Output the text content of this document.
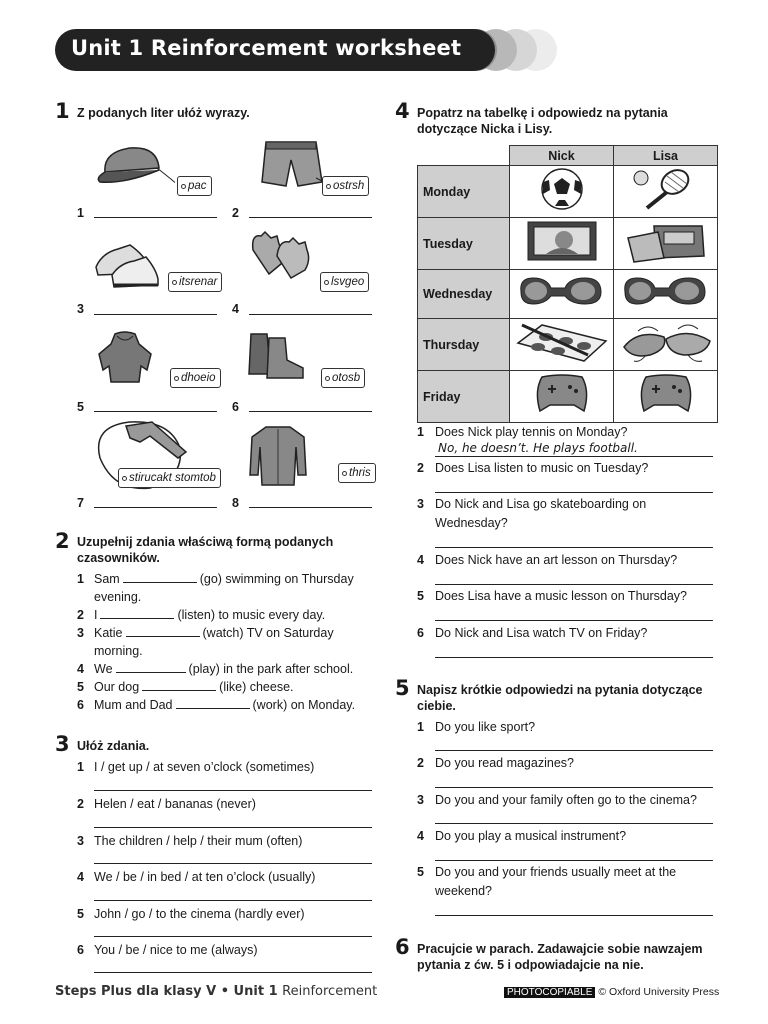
Unit 1 Reinforcement worksheet
1 Z podanych liter ułóż wyrazy.
pac	ostrsh
1	2
itsrenar	lsvgeo
3	4
dhoeio	otosb
5	6
stirucakt stomtob	thris
7	8
2 Uzupełnij zdania właściwą formą podanych czasowników.
1 Sam	(go) swimming on Thursday
evening.
2 I	(listen) to music every day.
3 Katie	(watch) TV on Saturday
morning.
4 We	(play) in the park after school.
5 Our dog	(like) cheese.
6 Mum and Dad	(work) on Monday.
3 Ułóż zdania.
1 I / get up / at seven o’clock (sometimes)
2 Helen / eat / bananas (never)
3 The children / help / their mum (often)
4 We / be / in bed / at ten o’clock (usually)
5 John / go / to the cinema (hardly ever)
6 You / be / nice to me (always)
4 Popatrz na tabelkę i odpowiedz na pytania dotyczące Nicka i Lisy.
	Nick	Lisa
Monday		
Tuesday		
Wednesday		
Thursday		
Friday		
1 Does Nick play tennis on Monday?
No, he doesn’t. He plays football.
2 Does Lisa listen to music on Tuesday?
3 Do Nick and Lisa go skateboarding on
Wednesday?
4 Does Nick have an art lesson on Thursday?
5 Does Lisa have a music lesson on Thursday?
6 Do Nick and Lisa watch TV on Friday?
5 Napisz krótkie odpowiedzi na pytania dotyczące ciebie.
1 Do you like sport?
2 Do you read magazines?
3 Do you and your family often go to the cinema?
4 Do you play a musical instrument?
5 Do you and your friends usually meet at the
weekend?
6 Pracujcie w parach. Zadawajcie sobie nawzajem pytania z ćw. 5 i odpowiadajcie na nie.
Steps Plus dla klasy V • Unit 1 Reinforcement	PHOTOCOPIABLE © Oxford University Press
